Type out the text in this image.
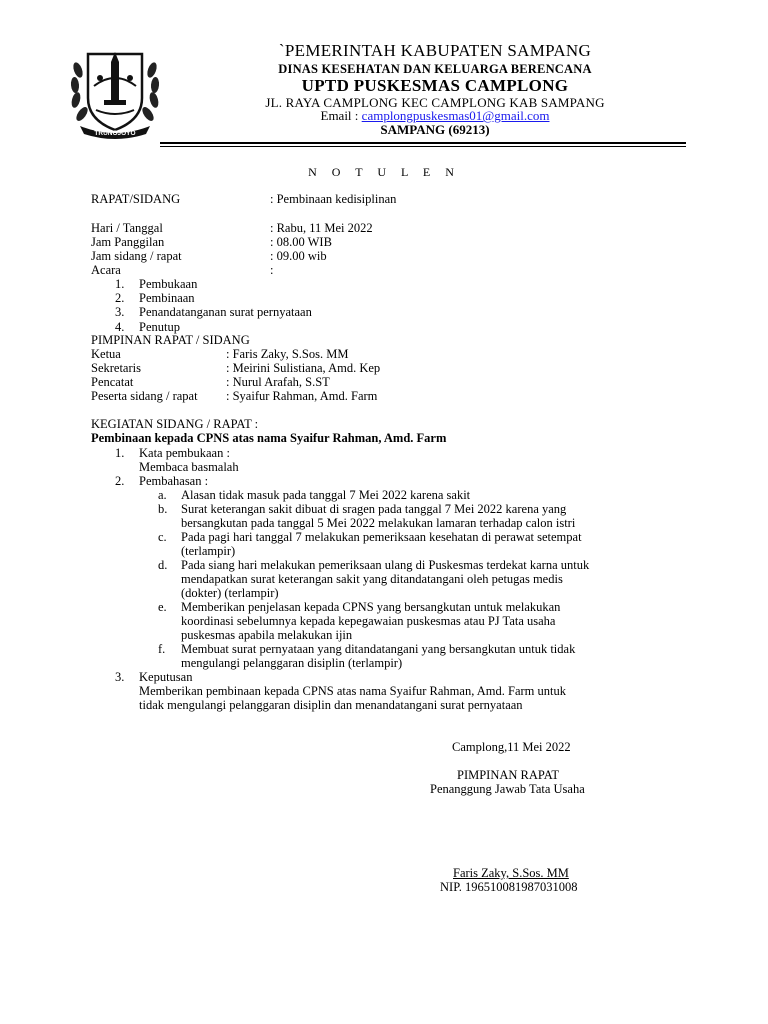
TRUNOJOYO
`PEMERINTAH KABUPATEN SAMPANG
DINAS KESEHATAN DAN KELUARGA BERENCANA
UPTD PUSKESMAS CAMPLONG
JL. RAYA CAMPLONG KEC CAMPLONG KAB SAMPANG
Email : camplongpuskesmas01@gmail.com
SAMPANG (69213)
N O T U L E N
RAPAT/SIDANG	: Pembinaan kedisiplinan
Hari / Tanggal	: Rabu, 11 Mei 2022
Jam Panggilan	: 08.00 WIB
Jam sidang / rapat	: 09.00 wib
Acara	:
1. Pembukaan
2. Pembinaan
3. Penandatanganan surat pernyataan
4. Penutup
PIMPINAN RAPAT / SIDANG
Ketua	: Faris Zaky, S.Sos. MM
Sekretaris	: Meirini Sulistiana, Amd. Kep
Pencatat	: Nurul Arafah, S.ST
Peserta sidang / rapat : Syaifur Rahman, Amd. Farm
KEGIATAN SIDANG / RAPAT :
Pembinaan kepada CPNS atas nama Syaifur Rahman, Amd. Farm
1. Kata pembukaan :
Membaca basmalah
2. Pembahasan :
a. Alasan tidak masuk pada tanggal 7 Mei 2022 karena sakit
b. Surat keterangan sakit dibuat di sragen pada tanggal 7 Mei 2022 karena yang
bersangkutan pada tanggal 5 Mei 2022 melakukan lamaran terhadap calon istri
c. Pada pagi hari tanggal 7 melakukan pemeriksaan kesehatan di perawat setempat
(terlampir)
d. Pada siang hari melakukan pemeriksaan ulang di Puskesmas terdekat karna untuk
mendapatkan surat keterangan sakit yang ditandatangani oleh petugas medis
(dokter) (terlampir)
e. Memberikan penjelasan kepada CPNS yang bersangkutan untuk melakukan
koordinasi sebelumnya kepada kepegawaian puskesmas atau PJ Tata usaha
puskesmas apabila melakukan ijin
f. Membuat surat pernyataan yang ditandatangani yang bersangkutan untuk tidak
mengulangi pelanggaran disiplin (terlampir)
3. Keputusan
Memberikan pembinaan kepada CPNS atas nama Syaifur Rahman, Amd. Farm untuk
tidak mengulangi pelanggaran disiplin dan menandatangani surat pernyataan
Camplong,11 Mei 2022
PIMPINAN RAPAT
Penanggung Jawab Tata Usaha
Faris Zaky, S.Sos. MM
NIP. 196510081987031008
